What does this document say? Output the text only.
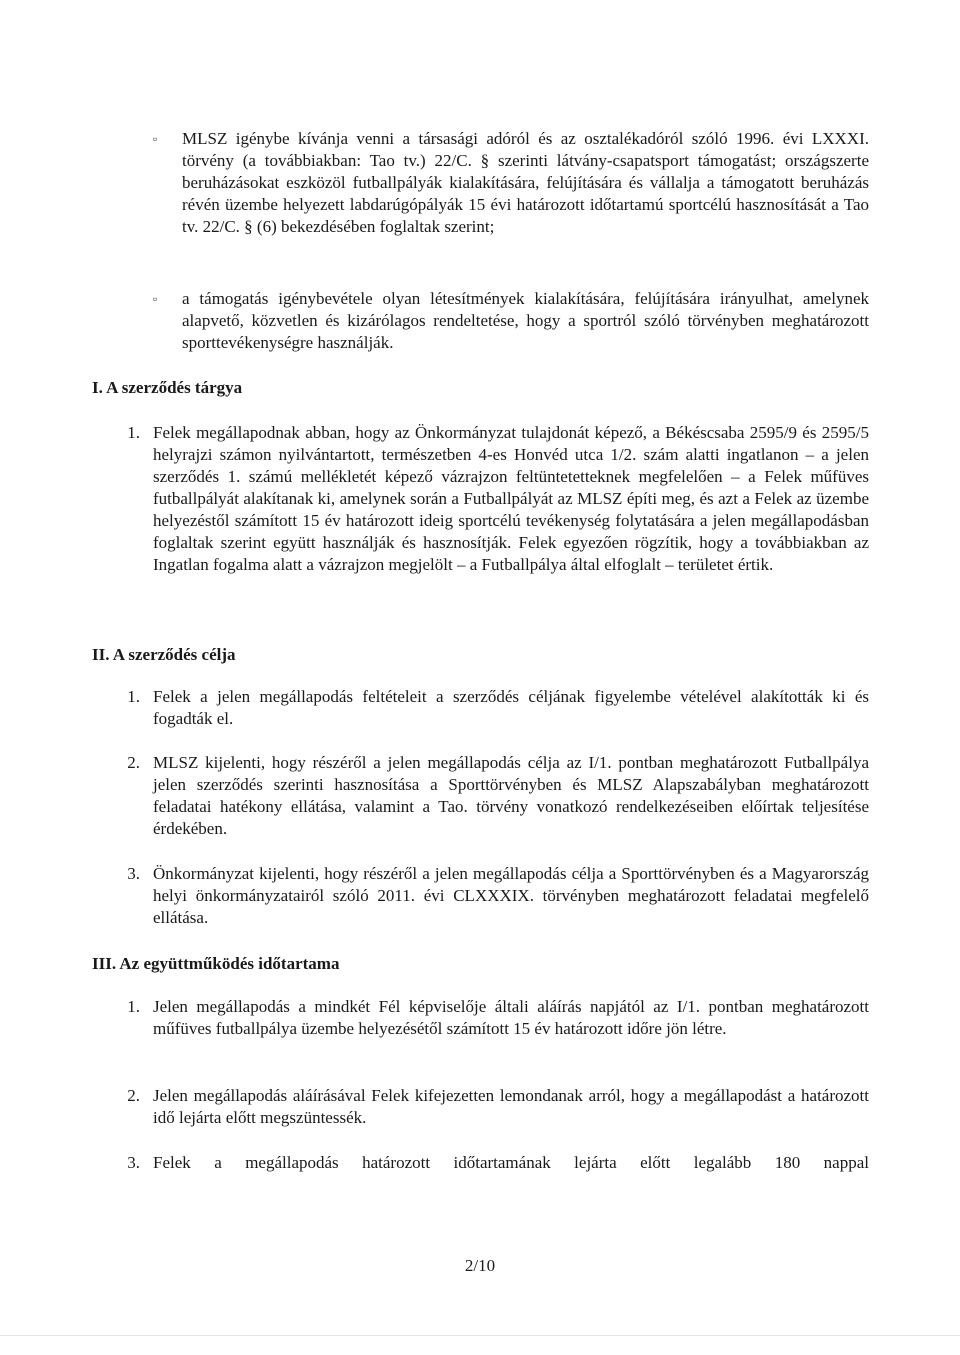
▫ MLSZ igénybe kívánja venni a társasági adóról és az osztalékadóról szóló 1996. évi LXXXI. törvény (a továbbiakban: Tao tv.) 22/C. § szerinti látvány-csapatsport támogatást; országszerte beruházásokat eszközöl futballpályák kialakítására, felújítására és vállalja a támogatott beruházás révén üzembe helyezett labdarúgópályák 15 évi határozott időtartamú sportcélú hasznosítását a Tao tv. 22/C. § (6) bekezdésében foglaltak szerint;

▫ a támogatás igénybevétele olyan létesítmények kialakítására, felújítására irányulhat, amelynek alapvető, közvetlen és kizárólagos rendeltetése, hogy a sportról szóló törvényben meghatározott sporttevékenységre használják.

I. A szerződés tárgya
1. Felek megállapodnak abban, hogy az Önkormányzat tulajdonát képező, a Békéscsaba 2595/9 és 2595/5 helyrajzi számon nyilvántartott, természetben 4-es Honvéd utca 1/2. szám alatti ingatlanon – a jelen szerződés 1. számú mellékletét képező vázrajzon feltüntetetteknek megfelelően – a Felek műfüves futballpályát alakítanak ki, amelynek során a Futballpályát az MLSZ építi meg, és azt a Felek az üzembe helyezéstől számított 15 év határozott ideig sportcélú tevékenység folytatására a jelen megállapodásban foglaltak szerint együtt használják és hasznosítják. Felek egyezően rögzítik, hogy a továbbiakban az Ingatlan fogalma alatt a vázrajzon megjelölt – a Futballpálya által elfoglalt – területet értik.

II. A szerződés célja
1. Felek a jelen megállapodás feltételeit a szerződés céljának figyelembe vételével alakították ki és fogadták el.

2. MLSZ kijelenti, hogy részéről a jelen megállapodás célja az I/1. pontban meghatározott Futballpálya jelen szerződés szerinti hasznosítása a Sporttörvényben és MLSZ Alapszabályban meghatározott feladatai hatékony ellátása, valamint a Tao. törvény vonatkozó rendelkezéseiben előírtak teljesítése érdekében.

3. Önkormányzat kijelenti, hogy részéről a jelen megállapodás célja a Sporttörvényben és a Magyarország helyi önkormányzatairól szóló 2011. évi CLXXXIX. törvényben meghatározott feladatai megfelelő ellátása.

III. Az együttműködés időtartama
1. Jelen megállapodás a mindkét Fél képviselője általi aláírás napjától az I/1. pontban meghatározott műfüves futballpálya üzembe helyezésétől számított 15 év határozott időre jön létre.

2. Jelen megállapodás aláírásával Felek kifejezetten lemondanak arról, hogy a megállapodást a határozott idő lejárta előtt megszüntessék.

3. Felek a megállapodás határozott időtartamának lejárta előtt legalább 180 nappal

2/10
